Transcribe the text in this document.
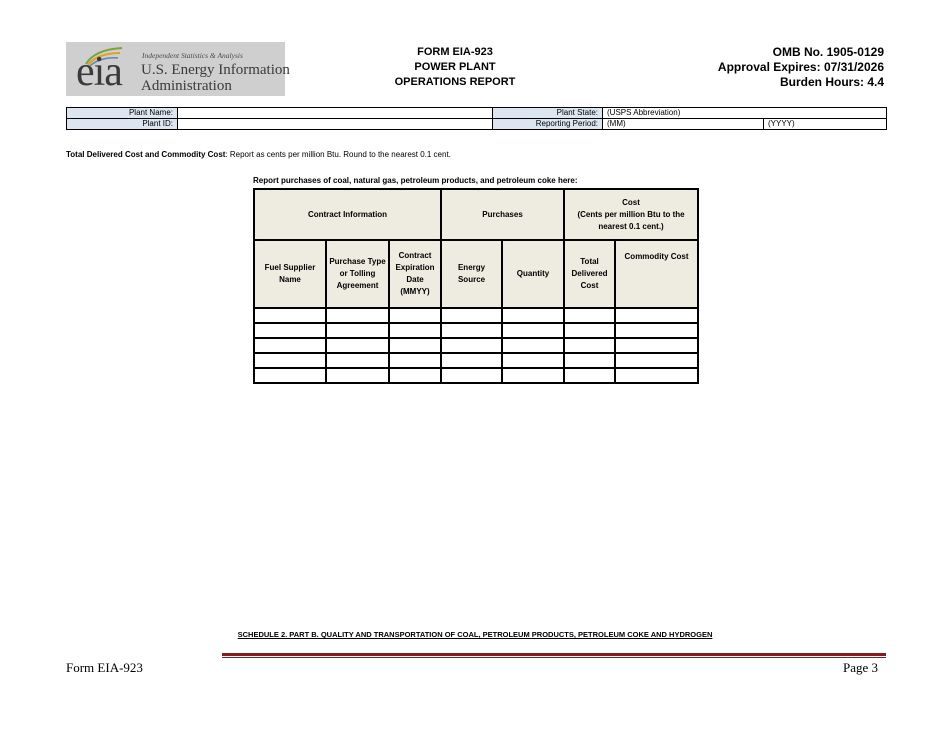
eia	Independent Statistics & Analysis
U.S. Energy Information
Administration
FORM EIA-923
POWER PLANT
OPERATIONS REPORT
OMB No. 1905-0129
Approval Expires: 07/31/2026
Burden Hours: 4.4
Plant Name:		Plant State:	(USPS Abbreviation)	
Plant ID:		Reporting Period:	(MM)	(YYYY)
Total Delivered Cost and Commodity Cost: Report as cents per million Btu. Round to the nearest 0.1 cent.
Report purchases of coal, natural gas, petroleum products, and petroleum coke here:
Contract Information			Purchases		Cost
(Cents per million Btu to the nearest 0.1 cent.)	

Fuel Supplier Name	Purchase Type or Tolling Agreement	Contract Expiration Date (MMYY)	Energy Source	Quantity	Total Delivered Cost	Commodity Cost

SCHEDULE 2. PART B. QUALITY AND TRANSPORTATION OF COAL, PETROLEUM PRODUCTS, PETROLEUM COKE AND HYDROGEN
Form EIA-923	Page 3
